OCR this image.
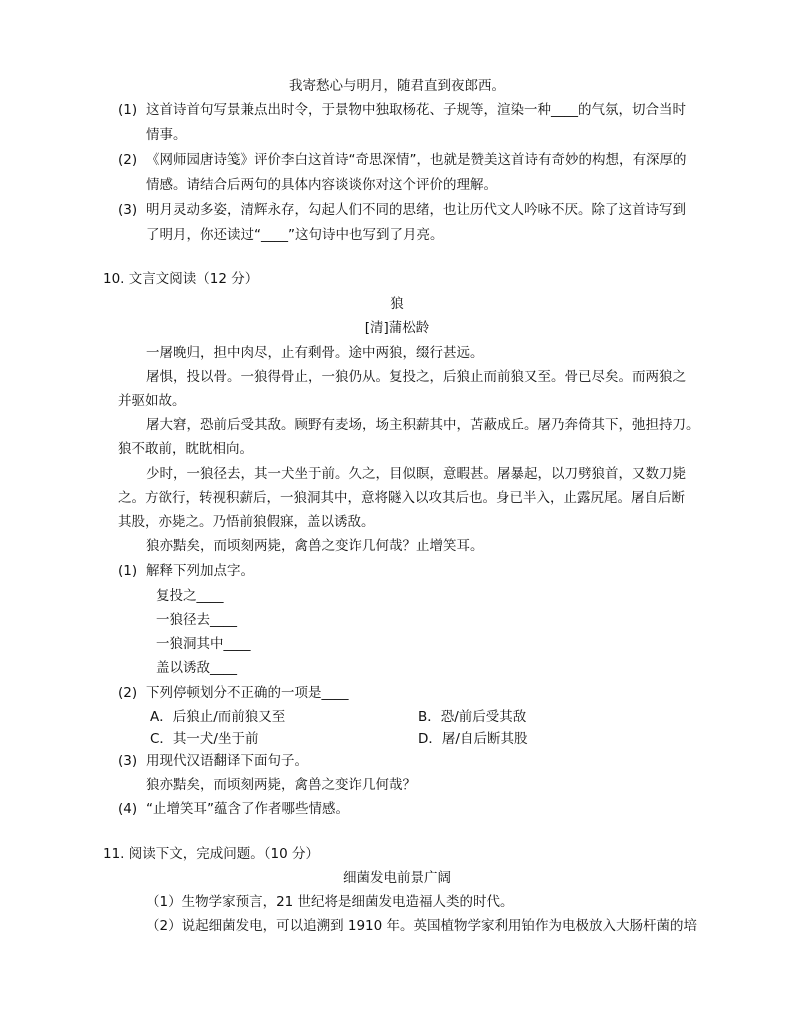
我寄愁心与明月，随君直到夜郎西。
(1) 这首诗首句写景兼点出时令，于景物中独取杨花、子规等，渲染一种____的气氛，切合当时
情事。
(2) 《网师园唐诗笺》评价李白这首诗“奇思深情”，也就是赞美这首诗有奇妙的构想，有深厚的
情感。请结合后两句的具体内容谈谈你对这个评价的理解。
(3) 明月灵动多姿，清辉永存，勾起人们不同的思绪，也让历代文人吟咏不厌。除了这首诗写到
了明月，你还读过“____”这句诗中也写到了月亮。
10. 文言文阅读（12 分）
狼
[清]蒲松龄
一屠晚归，担中肉尽，止有剩骨。途中两狼，缀行甚远。
屠惧，投以骨。一狼得骨止，一狼仍从。复投之，后狼止而前狼又至。骨已尽矣。而两狼之
并驱如故。
屠大窘，恐前后受其敌。顾野有麦场，场主积薪其中，苫蔽成丘。屠乃奔倚其下，弛担持刀。
狼不敢前，眈眈相向。
少时，一狼径去，其一犬坐于前。久之，目似瞑，意暇甚。屠暴起，以刀劈狼首，又数刀毙
之。方欲行，转视积薪后，一狼洞其中，意将隧入以攻其后也。身已半入，止露尻尾。屠自后断
其股，亦毙之。乃悟前狼假寐，盖以诱敌。
狼亦黠矣，而顷刻两毙，禽兽之变诈几何哉？止增笑耳。
(1) 解释下列加点字。
复投之____
一狼径去____
一狼洞其中____
盖以诱敌____
(2) 下列停顿划分不正确的一项是____
A．后狼止/而前狼又至	B．恐/前后受其敌
C．其一犬/坐于前	D．屠/自后断其股
(3) 用现代汉语翻译下面句子。
狼亦黠矣，而顷刻两毙，禽兽之变诈几何哉？
(4) “止增笑耳”蕴含了作者哪些情感。
11. 阅读下文，完成问题。（10 分）
细菌发电前景广阔
（1）生物学家预言，21 世纪将是细菌发电造福人类的时代。
（2）说起细菌发电，可以追溯到 1910 年。英国植物学家利用铂作为电极放入大肠杆菌的培
